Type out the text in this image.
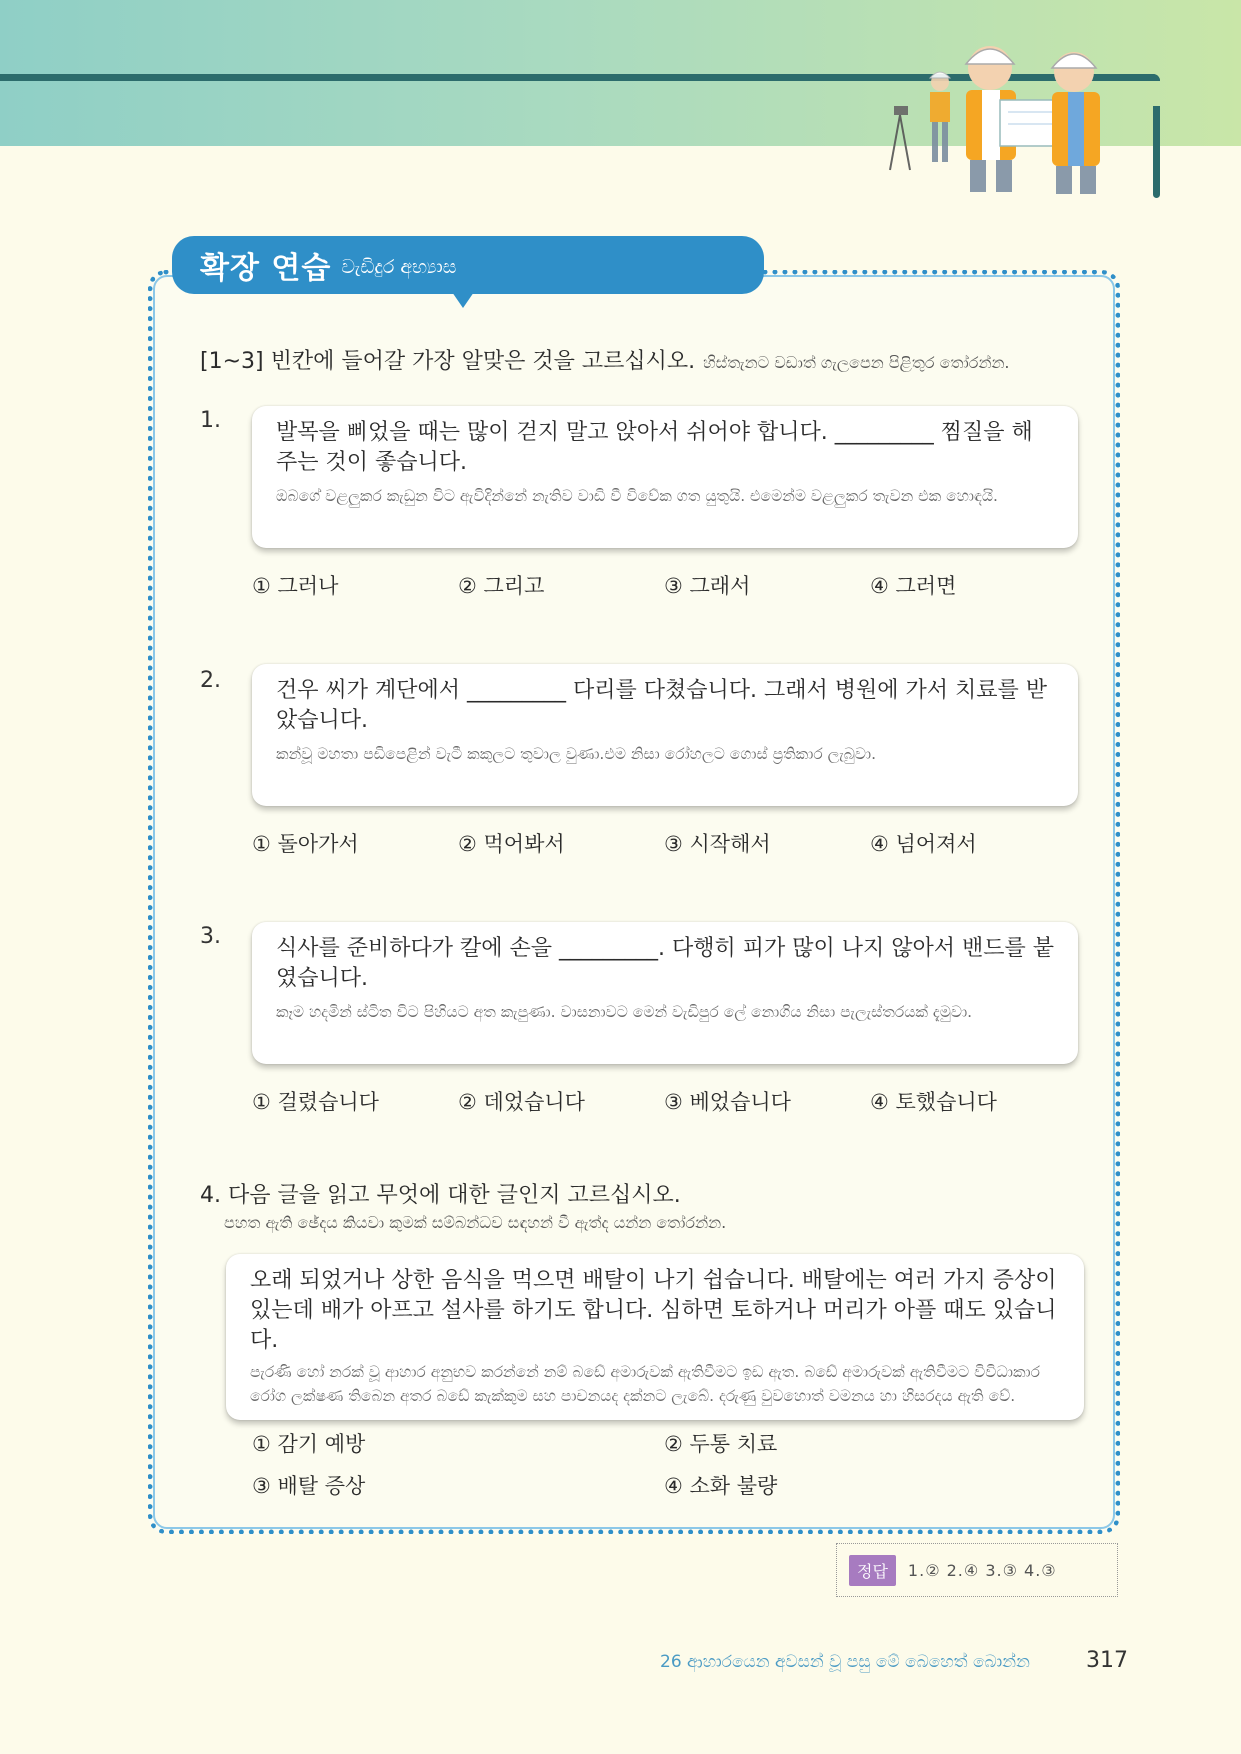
확장 연습 වැඩිදුර අභ්‍යාස
[1~3] 빈칸에 들어갈 가장 알맞은 것을 고르십시오. හිස්තැනට වඩාත් ගැලපෙන පිළිතුර තෝරන්න.
1.	발목을 삐었을 때는 많이 걷지 말고 앉아서 쉬어야 합니다. _________ 찜질을 해 주는 것이 좋습니다.
ඔබගේ වළලුකර කැඩුන විට ඇවිදින්නේ නැතිව වාඩි වී විවේක ගත යුතුයි. එමෙන්ම වළලුකර තැවන එක හොඳයි.
① 그러나	② 그리고	③ 그래서	④ 그러면
2.	건우 씨가 계단에서 _________ 다리를 다쳤습니다. 그래서 병원에 가서 치료를 받았습니다.
කන්වූ මහතා පඩිපෙළින් වැටී කකුලට තුවාල වුණා.එම නිසා රෝහලට ගොස් ප්‍රතිකාර ලැබුවා.
① 돌아가서	② 먹어봐서	③ 시작해서	④ 넘어져서
3.	식사를 준비하다가 칼에 손을 _________. 다행히 피가 많이 나지 않아서 밴드를 붙였습니다.
කෑම හදමින් ස්ටිත විට පිහියට අත කැපුණා. වාසනාවට මෙන් වැඩිපුර ලේ නොගිය නිසා පැලැස්තරයක් දැමුවා.
① 걸렸습니다	② 데었습니다	③ 베었습니다	④ 토했습니다
4. 다음 글을 읽고 무엇에 대한 글인지 고르십시오.
පහත ඇති ඡේදය කියවා කුමක් සම්බන්ධව සඳහන් වී ඇත්ද යන්න තෝරන්න.
오래 되었거나 상한 음식을 먹으면 배탈이 나기 쉽습니다. 배탈에는 여러 가지 증상이 있는데 배가 아프고 설사를 하기도 합니다. 심하면 토하거나 머리가 아플 때도 있습니다.
පැරණි හෝ නරක් වූ ආහාර අනුභව කරන්නේ නම් බඩේ අමාරුවක් ඇතිවීමට ඉඩ ඇත. බඩේ අමාරුවක් ඇතිවීමට විවිධාකාර රෝග ලක්ෂණ තිබෙන අතර බඩේ කැක්කුම සහ පාචනයද දක්නට ලැබේ. දරුණු වුවහොත් වමනය හා හිසරදය ඇති වේ.
① 감기 예방	② 두통 치료
③ 배탈 증상	④ 소화 불량
정답	1.② 2.④ 3.③ 4.③
26 ආහාරයෙන අවසන් වූ පසු මේ බෙහෙත් බොන්න	317
